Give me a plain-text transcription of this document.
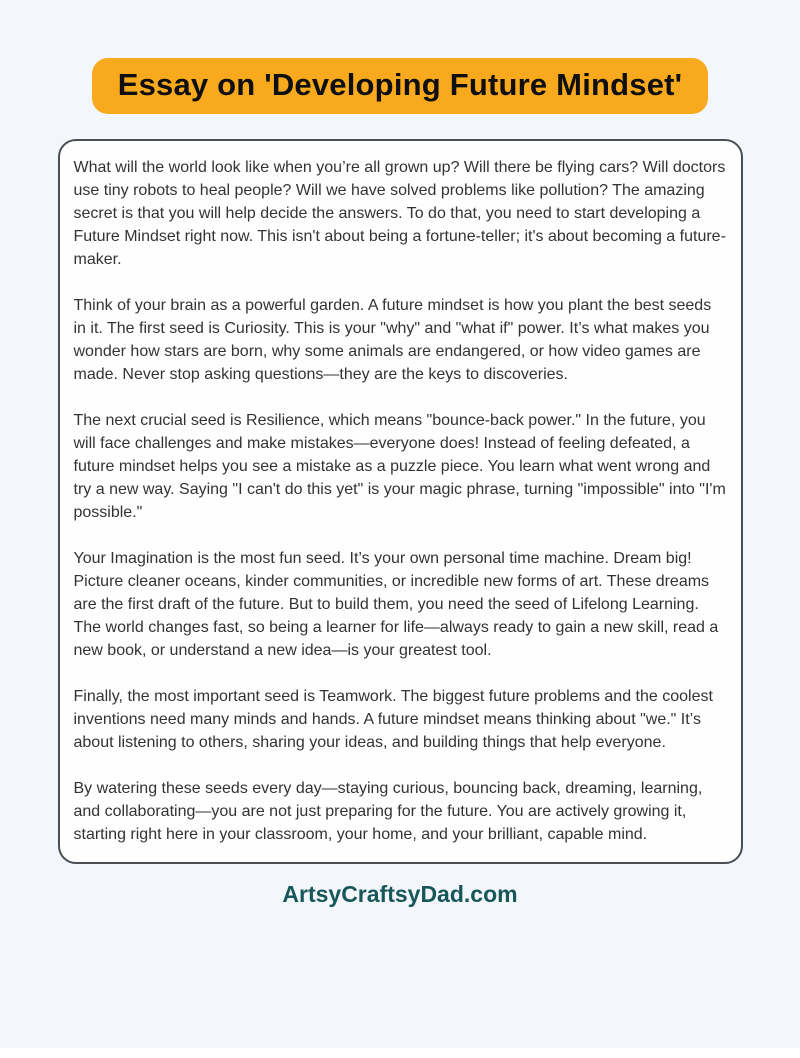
Essay on 'Developing Future Mindset'

What will the world look like when you’re all grown up? Will there be flying cars? Will doctors use tiny robots to heal people? Will we have solved problems like pollution? The amazing secret is that you will help decide the answers. To do that, you need to start developing a Future Mindset right now. This isn't about being a fortune-teller; it's about becoming a future-maker.

Think of your brain as a powerful garden. A future mindset is how you plant the best seeds in it. The first seed is Curiosity. This is your "why" and "what if" power. It’s what makes you wonder how stars are born, why some animals are endangered, or how video games are made. Never stop asking questions—they are the keys to discoveries.

The next crucial seed is Resilience, which means "bounce-back power." In the future, you will face challenges and make mistakes—everyone does! Instead of feeling defeated, a future mindset helps you see a mistake as a puzzle piece. You learn what went wrong and try a new way. Saying "I can't do this yet" is your magic phrase, turning "impossible" into "I'm possible."

Your Imagination is the most fun seed. It’s your own personal time machine. Dream big! Picture cleaner oceans, kinder communities, or incredible new forms of art. These dreams are the first draft of the future. But to build them, you need the seed of Lifelong Learning. The world changes fast, so being a learner for life—always ready to gain a new skill, read a new book, or understand a new idea—is your greatest tool.

Finally, the most important seed is Teamwork. The biggest future problems and the coolest inventions need many minds and hands. A future mindset means thinking about "we." It’s about listening to others, sharing your ideas, and building things that help everyone.

By watering these seeds every day—staying curious, bouncing back, dreaming, learning, and collaborating—you are not just preparing for the future. You are actively growing it, starting right here in your classroom, your home, and your brilliant, capable mind.

ArtsyCraftsyDad.com
